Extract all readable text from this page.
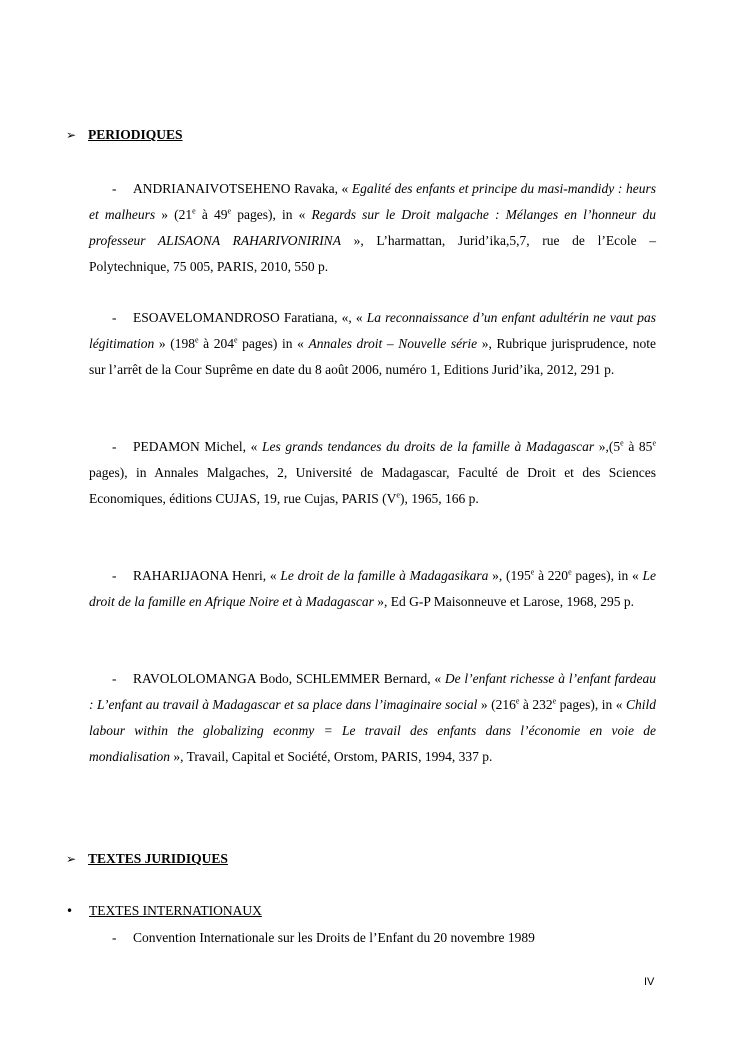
➢ PERIODIQUES
- ANDRIANAIVOTSEHENO Ravaka, « Egalité des enfants et principe du masi-mandidy : heurs et malheurs » (21e à 49e pages), in « Regards sur le Droit malgache : Mélanges en l’honneur du professeur ALISAONA RAHARIVONIRINA », L’harmattan, Jurid’ika,5,7, rue de l’Ecole – Polytechnique, 75 005, PARIS, 2010, 550 p.
- ESOAVELOMANDROSO Faratiana, «, « La reconnaissance d’un enfant adultérin ne vaut pas légitimation » (198e à 204e pages) in « Annales droit – Nouvelle série », Rubrique jurisprudence, note sur l’arrêt de la Cour Suprême en date du 8 août 2006, numéro 1, Editions Jurid’ika, 2012, 291 p.
- PEDAMON Michel, « Les grands tendances du droits de la famille à Madagascar »,(5e à 85e pages), in Annales Malgaches, 2, Université de Madagascar, Faculté de Droit et des Sciences Economiques, éditions CUJAS, 19, rue Cujas, PARIS (Ve), 1965, 166 p.
- RAHARIJAONA Henri, « Le droit de la famille à Madagasikara », (195e à 220e pages), in « Le droit de la famille en Afrique Noire et à Madagascar », Ed G-P Maisonneuve et Larose, 1968, 295 p.
- RAVOLOLOMANGA Bodo, SCHLEMMER Bernard, « De l’enfant richesse à l’enfant fardeau : L’enfant au travail à Madagascar et sa place dans l’imaginaire social » (216e à 232e pages), in « Child labour within the globalizing econmy = Le travail des enfants dans l’économie en voie de mondialisation », Travail, Capital et Société, Orstom, PARIS, 1994, 337 p.
➢ TEXTES JURIDIQUES
• TEXTES INTERNATIONAUX
- Convention Internationale sur les Droits de l’Enfant du 20 novembre 1989
IV
